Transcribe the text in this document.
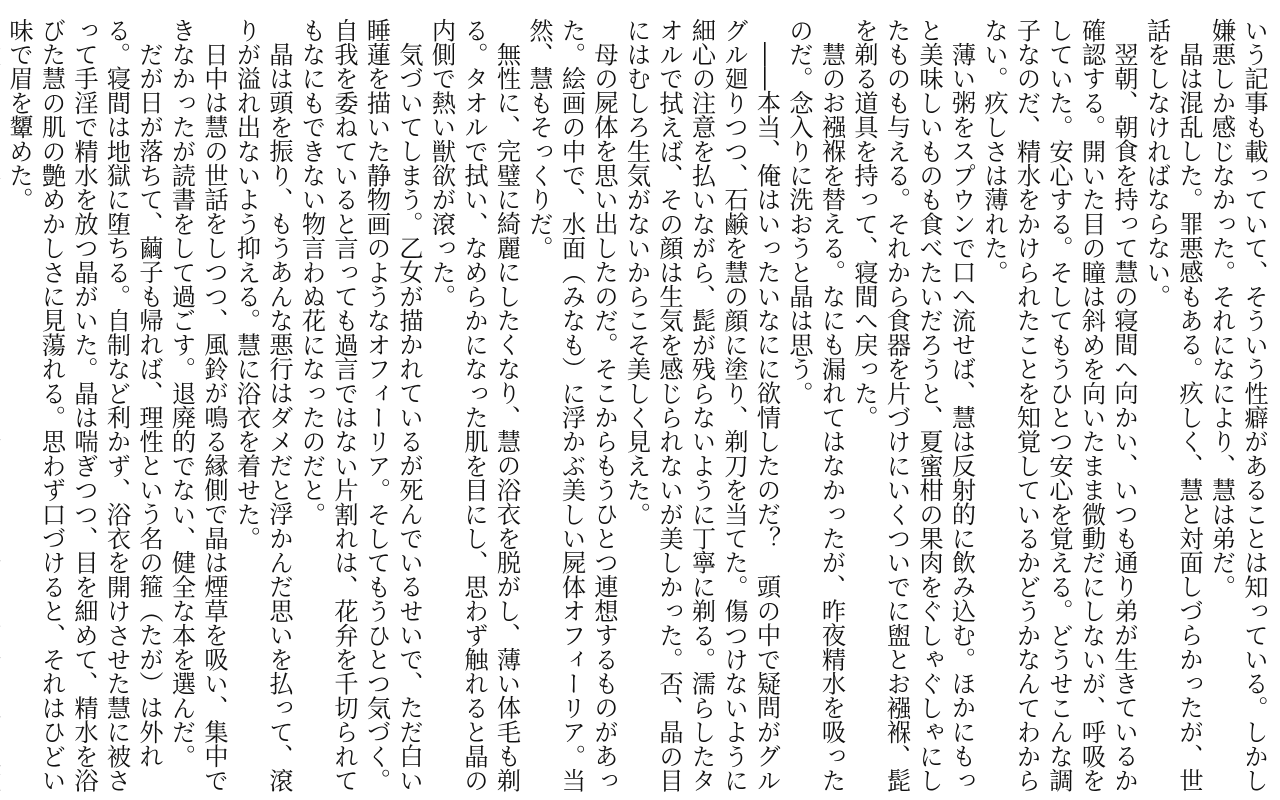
いう記事も載っていて、そういう性癖があることは知っている。しかし嫌悪しか感じなかった。それになにより、慧は弟だ。

晶は混乱した。罪悪感もある。疚しく、慧と対面しづらかったが、世話をしなければならない。

翌朝、朝食を持って慧の寝間へ向かい、いつも通り弟が生きているか確認する。開いた目の瞳は斜めを向いたまま微動だにしないが、呼吸をしていた。安心する。そしてもうひとつ安心を覚える。どうせこんな調子なのだ、精水をかけられたことを知覚しているかどうかなんてわからない。疚しさは薄れた。

薄い粥をスプウンで口へ流せば、慧は反射的に飲み込む。ほかにもっと美味しいものも食べたいだろうと、夏蜜柑の果肉をぐしゃぐしゃにしたものも与える。それから食器を片づけにいくついでに盥とお襁褓、髭を剃る道具を持って、寝間へ戻った。

慧のお襁褓を替える。なにも漏れてはなかったが、昨夜精水を吸ったのだ。念入りに洗おうと晶は思う。

――本当、俺はいったいなにに欲情したのだ？　頭の中で疑問がグルグル廻りつつ、石鹸を慧の顔に塗り、剃刀を当てた。傷つけないように細心の注意を払いながら、髭が残らないように丁寧に剃る。濡らしたタオルで拭えば、その顔は生気を感じられないが美しかった。否、晶の目にはむしろ生気がないからこそ美しく見えた。

母の屍体を思い出したのだ。そこからもうひとつ連想するものがあった。絵画の中で、水面（みなも）に浮かぶ美しい屍体オフィーリア。当然、慧もそっくりだ。

無性に、完璧に綺麗にしたくなり、慧の浴衣を脱がし、薄い体毛も剃る。タオルで拭い、なめらかになった肌を目にし、思わず触れると晶の内側で熱い獣欲が滾った。

気づいてしまう。乙女が描かれているが死んでいるせいで、ただ白い睡蓮を描いた静物画のようなオフィーリア。そしてもうひとつ気づく。自我を委ねていると言っても過言ではない片割れは、花弁を千切られてもなにもできない物言わぬ花になったのだと。

晶は頭を振り、もうあんな悪行はダメだと浮かんだ思いを払って、滾りが溢れ出ないよう抑える。慧に浴衣を着せた。

日中は慧の世話をしつつ、風鈴が鳴る縁側で晶は煙草を吸い、集中できなかったが読書をして過ごす。退廃的でない、健全な本を選んだ。

だが日が落ちて、繭子も帰れば、理性という名の箍（たが）は外れる。寝間は地獄に堕ちる。自制など利かず、浴衣を開けさせた慧に被さって手淫で精水を放つ晶がいた。晶は喘ぎつつ、目を細めて、精水を浴びた慧の肌の艶めかしさに見蕩れる。思わず口づけると、それはひどい味で眉を顰めた。
